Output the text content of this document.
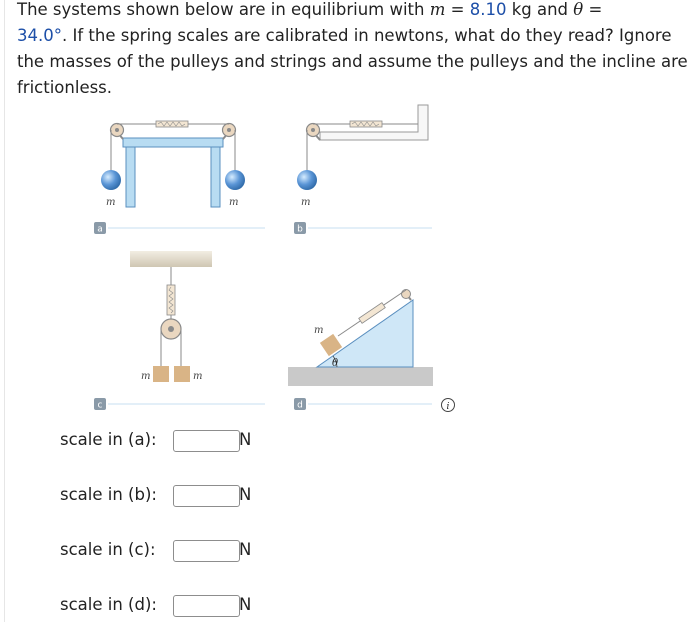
The systems shown below are in equilibrium with m = 8.10 kg and θ =
34.0°. If the spring scales are calibrated in newtons, what do they read? Ignore the masses of the pulleys and strings and assume the pulleys and the incline are frictionless.

m	m
a
m
b
m	m
c
m
θ
d	i
scale in (a):	N
scale in (b):	N
scale in (c):	N
scale in (d):	N
